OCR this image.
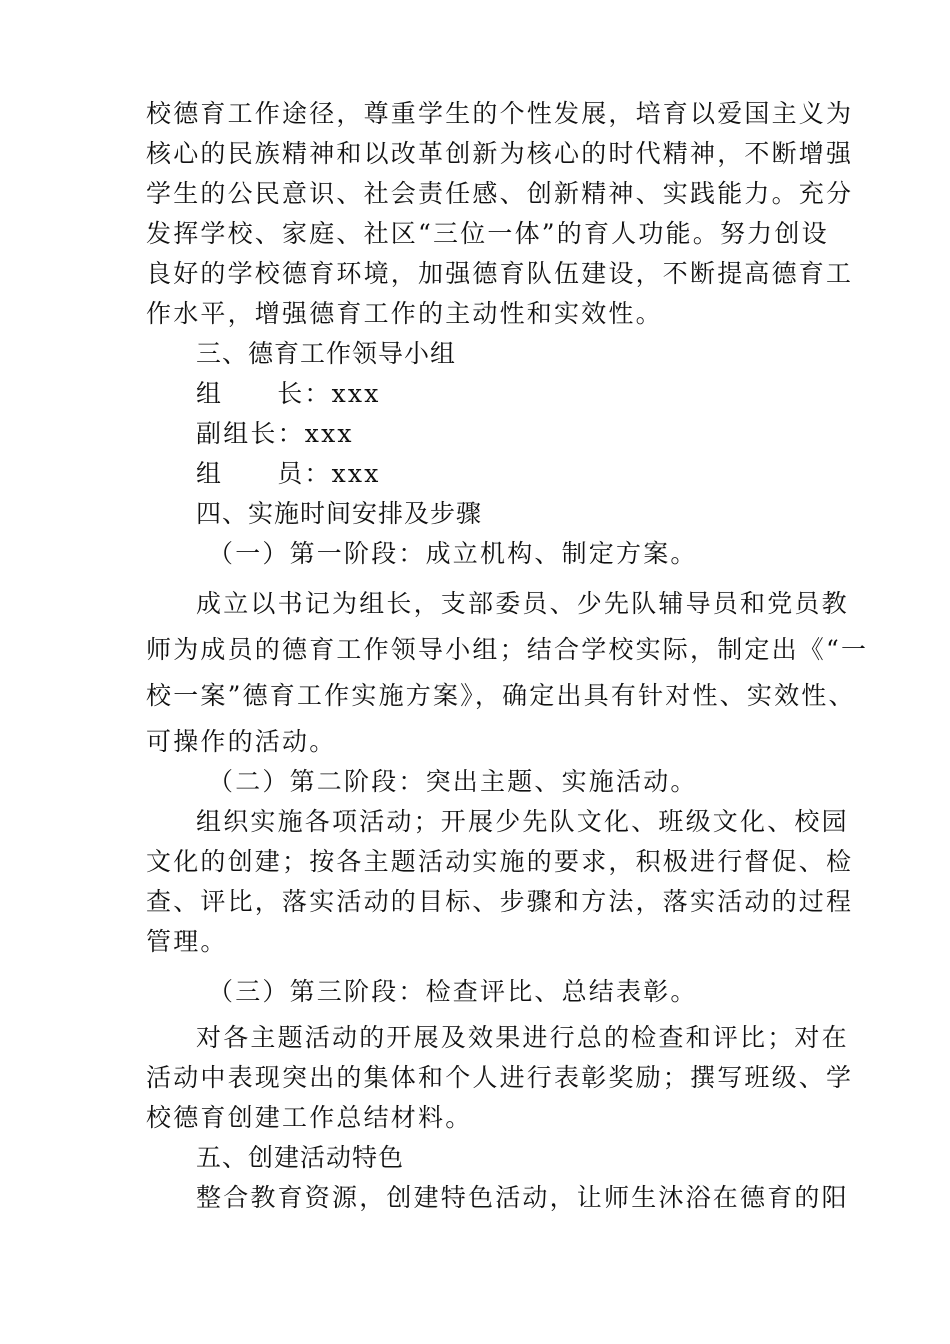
校德育工作途径，尊重学生的个性发展，培育以爱国主义为
核心的民族精神和以改革创新为核心的时代精神，不断增强
学生的公民意识、社会责任感、创新精神、实践能力。充分
发挥学校、家庭、社区“三位一体”的育人功能。努力创设
良好的学校德育环境，加强德育队伍建设，不断提高德育工
作水平，增强德育工作的主动性和实效性。
三、德育工作领导小组
组 长：xxx
副组长：xxx
组 员：xxx
四、实施时间安排及步骤
（一）第一阶段：成立机构、制定方案。
成立以书记为组长，支部委员、少先队辅导员和党员教
师为成员的德育工作领导小组；结合学校实际，制定出《“一
校一案”德育工作实施方案》，确定出具有针对性、实效性、
可操作的活动。
（二）第二阶段：突出主题、实施活动。
组织实施各项活动；开展少先队文化、班级文化、校园
文化的创建；按各主题活动实施的要求，积极进行督促、检
查、评比，落实活动的目标、步骤和方法，落实活动的过程
管理。
（三）第三阶段：检查评比、总结表彰。
对各主题活动的开展及效果进行总的检查和评比；对在
活动中表现突出的集体和个人进行表彰奖励；撰写班级、学
校德育创建工作总结材料。
五、创建活动特色
整合教育资源，创建特色活动，让师生沐浴在德育的阳
